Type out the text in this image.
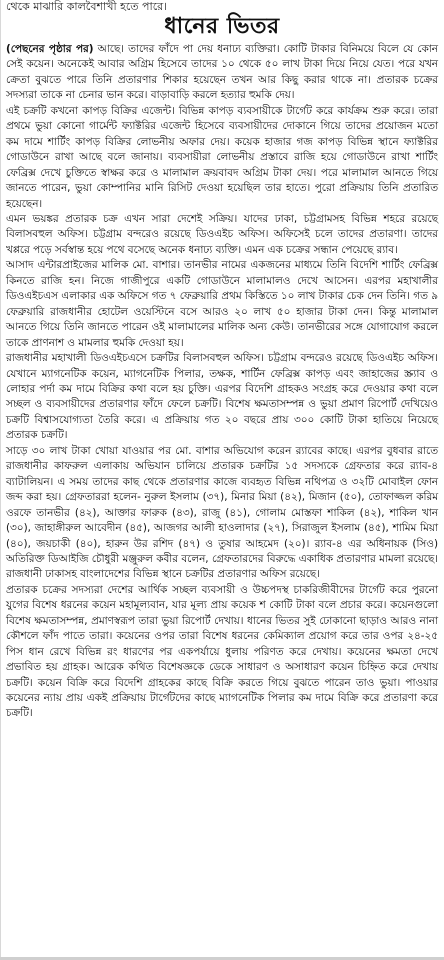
থেকে মাঝারি কালবৈশাখী হতে পারে।
ধানের ভিতর

(পেছনের পৃষ্ঠার পর) আছে। তাদের ফাঁদে পা দেয় ধনাঢ্য ব্যক্তিরা। কোটি টাকার বিনিময়ে বিলে যে কোন সেই কয়েন। অনেকেই আবার অগ্রিম হিসেবে তাদের ১০ থেকে ৫০ লাখ টাকা দিয়ে নিয়ে যেত। পরে যখন ক্রেতা বুঝতে পারে তিনি প্রতারণার শিকার হয়েছেন তখন আর কিছু করার থাকে না। প্রতারক চক্রের সদস্যরা তাকে না চেনার ভান করে। বাড়াবাড়ি করলে হত্যার হুমকি দেয়।

এই চক্রটি কখনো কাপড় বিক্রির এজেন্ট। বিভিন্ন কাপড় ব্যবসায়ীকে টার্গেট করে কার্যক্রম শুরু করে। তারা প্রথমে ভুয়া কোনো গার্মেন্ট ফ্যাক্টরির এজেন্ট হিসেবে ব্যবসায়ীদের দোকানে গিয়ে তাদের প্রয়োজন মতো কম দামে শার্টিং কাপড় বিক্রির লোভনীয় অফার দেয়। কয়েক হাজার গজ কাপড় বিভিন্ন স্থানে ফ্যাক্টরির গোডাউনে রাখা আছে বলে জানায়। ব্যবসায়ীরা লোভনীয় প্রস্তাবে রাজি হয়ে গোডাউনে রাখা শার্টিং ফেব্রিক্স দেখে চুক্তিতে স্বাক্ষর করে ও মালামাল ক্রয়বাবদ অগ্রিম টাকা দেয়। পরে মালামাল আনতে গিয়ে জানতে পারেন, ভুয়া কোম্পানির মানি রিসিট দেওয়া হয়েছিল তার হাতে। পুরো প্রক্রিয়ায় তিনি প্রতারিত হয়েছেন।

এমন ভয়ঙ্কর প্রতারক চক্র এখন সারা দেশেই সক্রিয়। যাদের ঢাকা, চট্টগ্রামসহ বিভিন্ন শহরে রয়েছে বিলাসবহুল অফিস। চট্টগ্রাম বন্দরেও রয়েছে ডিওএইচ অফিস। অফিসেই চলে তাদের প্রতারণা। তাদের খপ্পরে পড়ে সর্বস্বান্ত হয়ে পথে বসেছে অনেক ধনাঢ্য ব্যক্তি। এমন এক চক্রের সন্ধান পেয়েছে র‌্যাব।

আসাদ এন্টারপ্রাইজের মালিক মো. বাশার। তানভীর নামের একজনের মাধ্যমে তিনি বিদেশি শার্টিং ফেব্রিক্স কিনতে রাজি হন। নিজে গাজীপুরে একটি গোডাউনে মালামালও দেখে আসেন। এরপর মহাখালীর ডিওএইচএস এলাকার এক অফিসে গত ৭ ফেব্রুয়ারি প্রথম কিস্তিতে ১০ লাখ টাকার চেক দেন তিনি। গত ৯ ফেব্রুয়ারি রাজধানীর হোটেল ওয়েস্টিনে বসে আরও ২০ লাখ ৫০ হাজার টাকা দেন। কিন্তু মালামাল আনতে গিয়ে তিনি জানতে পারেন ওই মালামালের মালিক অন্য কেউ। তানভীরের সঙ্গে যোগাযোগ করলে তাকে প্রাণনাশ ও মামলার হুমকি দেওয়া হয়।

রাজধানীর মহাখালী ডিওএইচএসে চক্রটির বিলাসবহুল অফিস। চট্টগ্রাম বন্দরেও রয়েছে ডিওএইচ অফিস। যেখানে ম্যাগনেটিক কয়েন, ম্যাগনেটিক পিলার, তক্ষক, শার্টিন ফেব্রিক্স কাপড় এবং জাহাজের স্ক্র্যাব ও লোহার পর্দা কম দামে বিক্রির কথা বলে হয় চুক্তি। এরপর বিদেশি গ্রাহকও সংগ্রহ করে দেওয়ার কথা বলে সচ্ছল ও ব্যবসায়ীদের প্রতারণার ফাঁদে ফেলে চক্রটি। বিশেষ ক্ষমতাসম্পন্ন ও ভুয়া প্রমাণ রিপোর্ট দেখিয়েও চক্রটি বিশ্বাসযোগ্যতা তৈরি করে। এ প্রক্রিয়ায় গত ২০ বছরে প্রায় ৩০০ কোটি টাকা হাতিয়ে নিয়েছে প্রতারক চক্রটি।

সাড়ে ৩০ লাখ টাকা খোয়া যাওয়ার পর মো. বাশার অভিযোগ করেন র‌্যাবের কাছে। এরপর বুধবার রাতে রাজধানীর কাফরুল এলাকায় অভিযান চালিয়ে প্রতারক চক্রটির ১৫ সদস্যকে গ্রেফতার করে র‌্যাব-৪ ব্যাটালিয়ন। এ সময় তাদের কাছ থেকে প্রতারণার কাজে ব্যবহৃত বিভিন্ন নথিপত্র ও ৩২টি মোবাইল ফোন জব্দ করা হয়। গ্রেফতাররা হলেন- নুরুল ইসলাম (৩৭), মিনার মিয়া (৪২), মিজান (৫০), তোফাজ্জল করিম ওরফে তানভীর (৪২), আক্তার ফারুক (৪৩), রাজু (৪১), গোলাম মোস্তফা শাকিল (৪২), শাকিল খান (৩০), জাহাঙ্গীরুল আবেদীন (৪৫), আজগর আলী হাওলাদার (২৭), সিরাজুল ইসলাম (৪৫), শামিম মিয়া (৪০), জয়চাকী (৪০), হারুন উর রশিদ (৪৭) ও তুষার আহমেদ (২০)। র‌্যাব-৪ এর অধিনায়ক (সিও) অতিরিক্ত ডিআইজি চৌধুরী মঞ্জুরুল কবীর বলেন, গ্রেফতারদের বিরুদ্ধে একাধিক প্রতারণার মামলা রয়েছে। রাজধানী ঢাকাসহ বাংলাদেশের বিভিন্ন স্থানে চক্রটির প্রতারণার অফিস রয়েছে।

প্রতারক চক্রের সদস্যরা দেশের আর্থিক সচ্ছল ব্যবসায়ী ও উচ্চপদস্থ চাকরিজীবীদের টার্গেট করে পুরনো যুগের বিশেষ ধরনের কয়েন মহামূল্যবান, যার মূল্য প্রায় কয়েক শ কোটি টাকা বলে প্রচার করে। কয়েনগুলো বিশেষ ক্ষমতাসম্পন্ন, প্রমাণস্বরূপ তারা ভুয়া রিপোর্ট দেখায়। ধানের ভিতর সুই ঢোকানো ছাড়াও আরও নানা কৌশলে ফাঁদ পাতে তারা। কয়েনের ওপর তারা বিশেষ ধরনের কেমিক্যাল প্রয়োগ করে তার ওপর ২৪-২৫ পিস ধান রেখে বিভিন্ন রং ধারণের পর একপর্যায়ে ধুলায় পরিণত করে দেখায়। কয়েনের ক্ষমতা দেখে প্রভাবিত হয় গ্রাহক। আরেক কথিত বিশেষজ্ঞকে ডেকে সাধারণ ও অসাধারণ কয়েন চিহ্নিত করে দেখায় চক্রটি। কয়েন বিক্রি করে বিদেশি গ্রাহকের কাছে বিক্রি করতে গিয়ে বুঝতে পারেন তাও ভুয়া। পাওয়ার কয়েনের ন্যায় প্রায় একই প্রক্রিয়ায় টার্গেটদের কাছে ম্যাগনেটিক পিলার কম দামে বিক্রি করে প্রতারণা করে চক্রটি।
